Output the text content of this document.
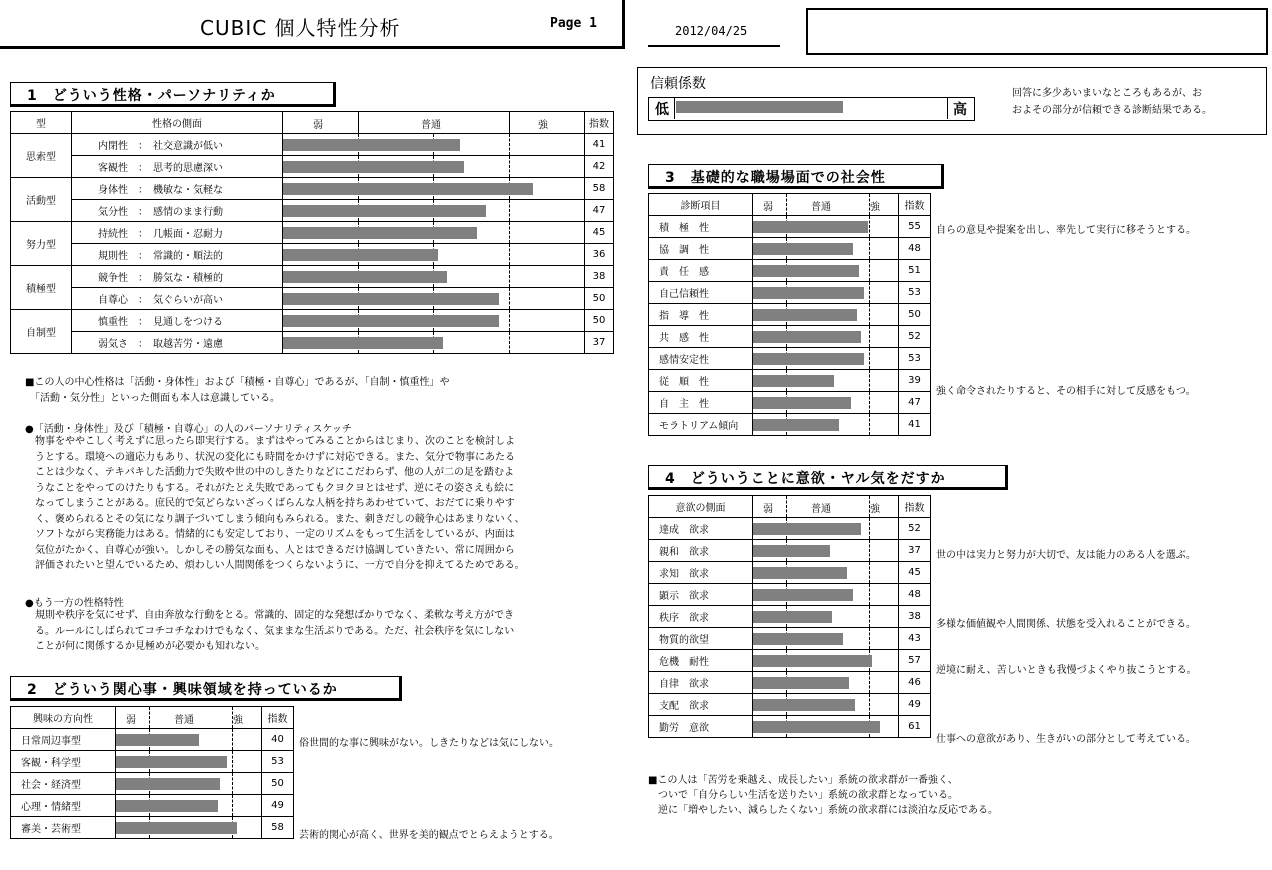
CUBIC 個人特性分析	Page 1	2012/04/25
信頼係数
低	高
回答に多少あいまいなところもあるが、お
およその部分が信頼できる診断結果である。
1　どういう性格・パーソナリティか
型	性格の側面	弱 普通 強	指数
思索型	内閉性　：　社交意識が低い		41
	客観性　：　思考的思慮深い		42
活動型	身体性　：　機敏な・気軽な		58
	気分性　：　感情のまま行動		47
努力型	持続性　：　几帳面・忍耐力		45
	規則性　：　常識的・順法的		36
積極型	競争性　：　勝気な・積極的		38
	自尊心　：　気ぐらいが高い		50
自制型	慎重性　：　見通しをつける		50
	弱気さ　：　取越苦労・遠慮		37
■この人の中心性格は「活動・身体性」および「積極・自尊心」であるが、「自制・慎重性」や
　「活動・気分性」といった側面も本人は意識している。
●「活動・身体性」及び「積極・自尊心」の人のパーソナリティスケッチ
　物事をややこしく考えずに思ったら即実行する。まずはやってみることからはじまり、次のことを検討しよ
　うとする。環境への適応力もあり、状況の変化にも時間をかけずに対応できる。また、気分で物事にあたる
　ことは少なく、テキパキした活動力で失敗や世の中のしきたりなどにこだわらず、他の人が二の足を踏むよ
　うなことをやってのけたりもする。それがたとえ失敗であってもクヨクヨとはせず、逆にその姿さえも絵に
　なってしまうことがある。庶民的で気どらないざっくばらんな人柄を持ちあわせていて、おだてに乗りやす
　く、褒められるとその気になり調子づいてしまう傾向もみられる。また、刺きだしの競争心はあまりないく、
　ソフトながら実務能力はある。情緒的にも安定しており、一定のリズムをもって生活をしているが、内面は
　気位がたかく、自尊心が強い。しかしその勝気な面も、人とはできるだけ協調していきたい、常に周囲から
　評価されたいと望んでいるため、煩わしい人間関係をつくらないように、一方で自分を抑えてるためである。
●もう一方の性格特性
　規則や秩序を気にせず、自由奔放な行動をとる。常識的、固定的な発想ばかりでなく、柔軟な考え方ができ
　る。ルールにしばられてコチコチなわけでもなく、気ままな生活ぶりである。ただ、社会秩序を気にしない
　ことが何に関係するか見極めが必要かも知れない。
2　どういう関心事・興味領域を持っているか
興味の方向性	弱 普通 強	指数
日常周辺事型		40
客観・科学型		53
社会・経済型		50
心理・情緒型		49
審美・芸術型		58
3　基礎的な職場場面での社会性
診断項目	弱 普通 強	指数
積　極　性		55
協　調　性		48
責　任　感		51
自己信頼性		53
指　導　性		50
共　感　性		52
感情安定性		53
従　順　性		39
自　主　性		47
モラトリアム傾向		41
4　どういうことに意欲・ヤル気をだすか
意欲の側面	弱 普通 強	指数
達成　欲求		52
親和　欲求		37
求知　欲求		45
顕示　欲求		48
秩序　欲求		38
物質的欲望		43
危機　耐性		57
自律　欲求		46
支配　欲求		49
勤労　意欲		61
■この人は「苦労を乗越え、成長したい」系統の欲求群が一番強く、
　ついで「自分らしい生活を送りたい」系統の欲求群となっている。
　逆に「増やしたい、減らしたくない」系統の欲求群には淡泊な反応である。
俗世間的な事に興味がない。しきたりなどは気にしない。
芸術的関心が高く、世界を美的観点でとらえようとする。
自らの意見や提案を出し、率先して実行に移そうとする。
強く命令されたりすると、その相手に対して反感をもつ。
世の中は実力と努力が大切で、友は能力のある人を選ぶ。
多様な価値観や人間関係、状態を受入れることができる。
逆境に耐え、苦しいときも我慢づよくやり抜こうとする。
仕事への意欲があり、生きがいの部分として考えている。
